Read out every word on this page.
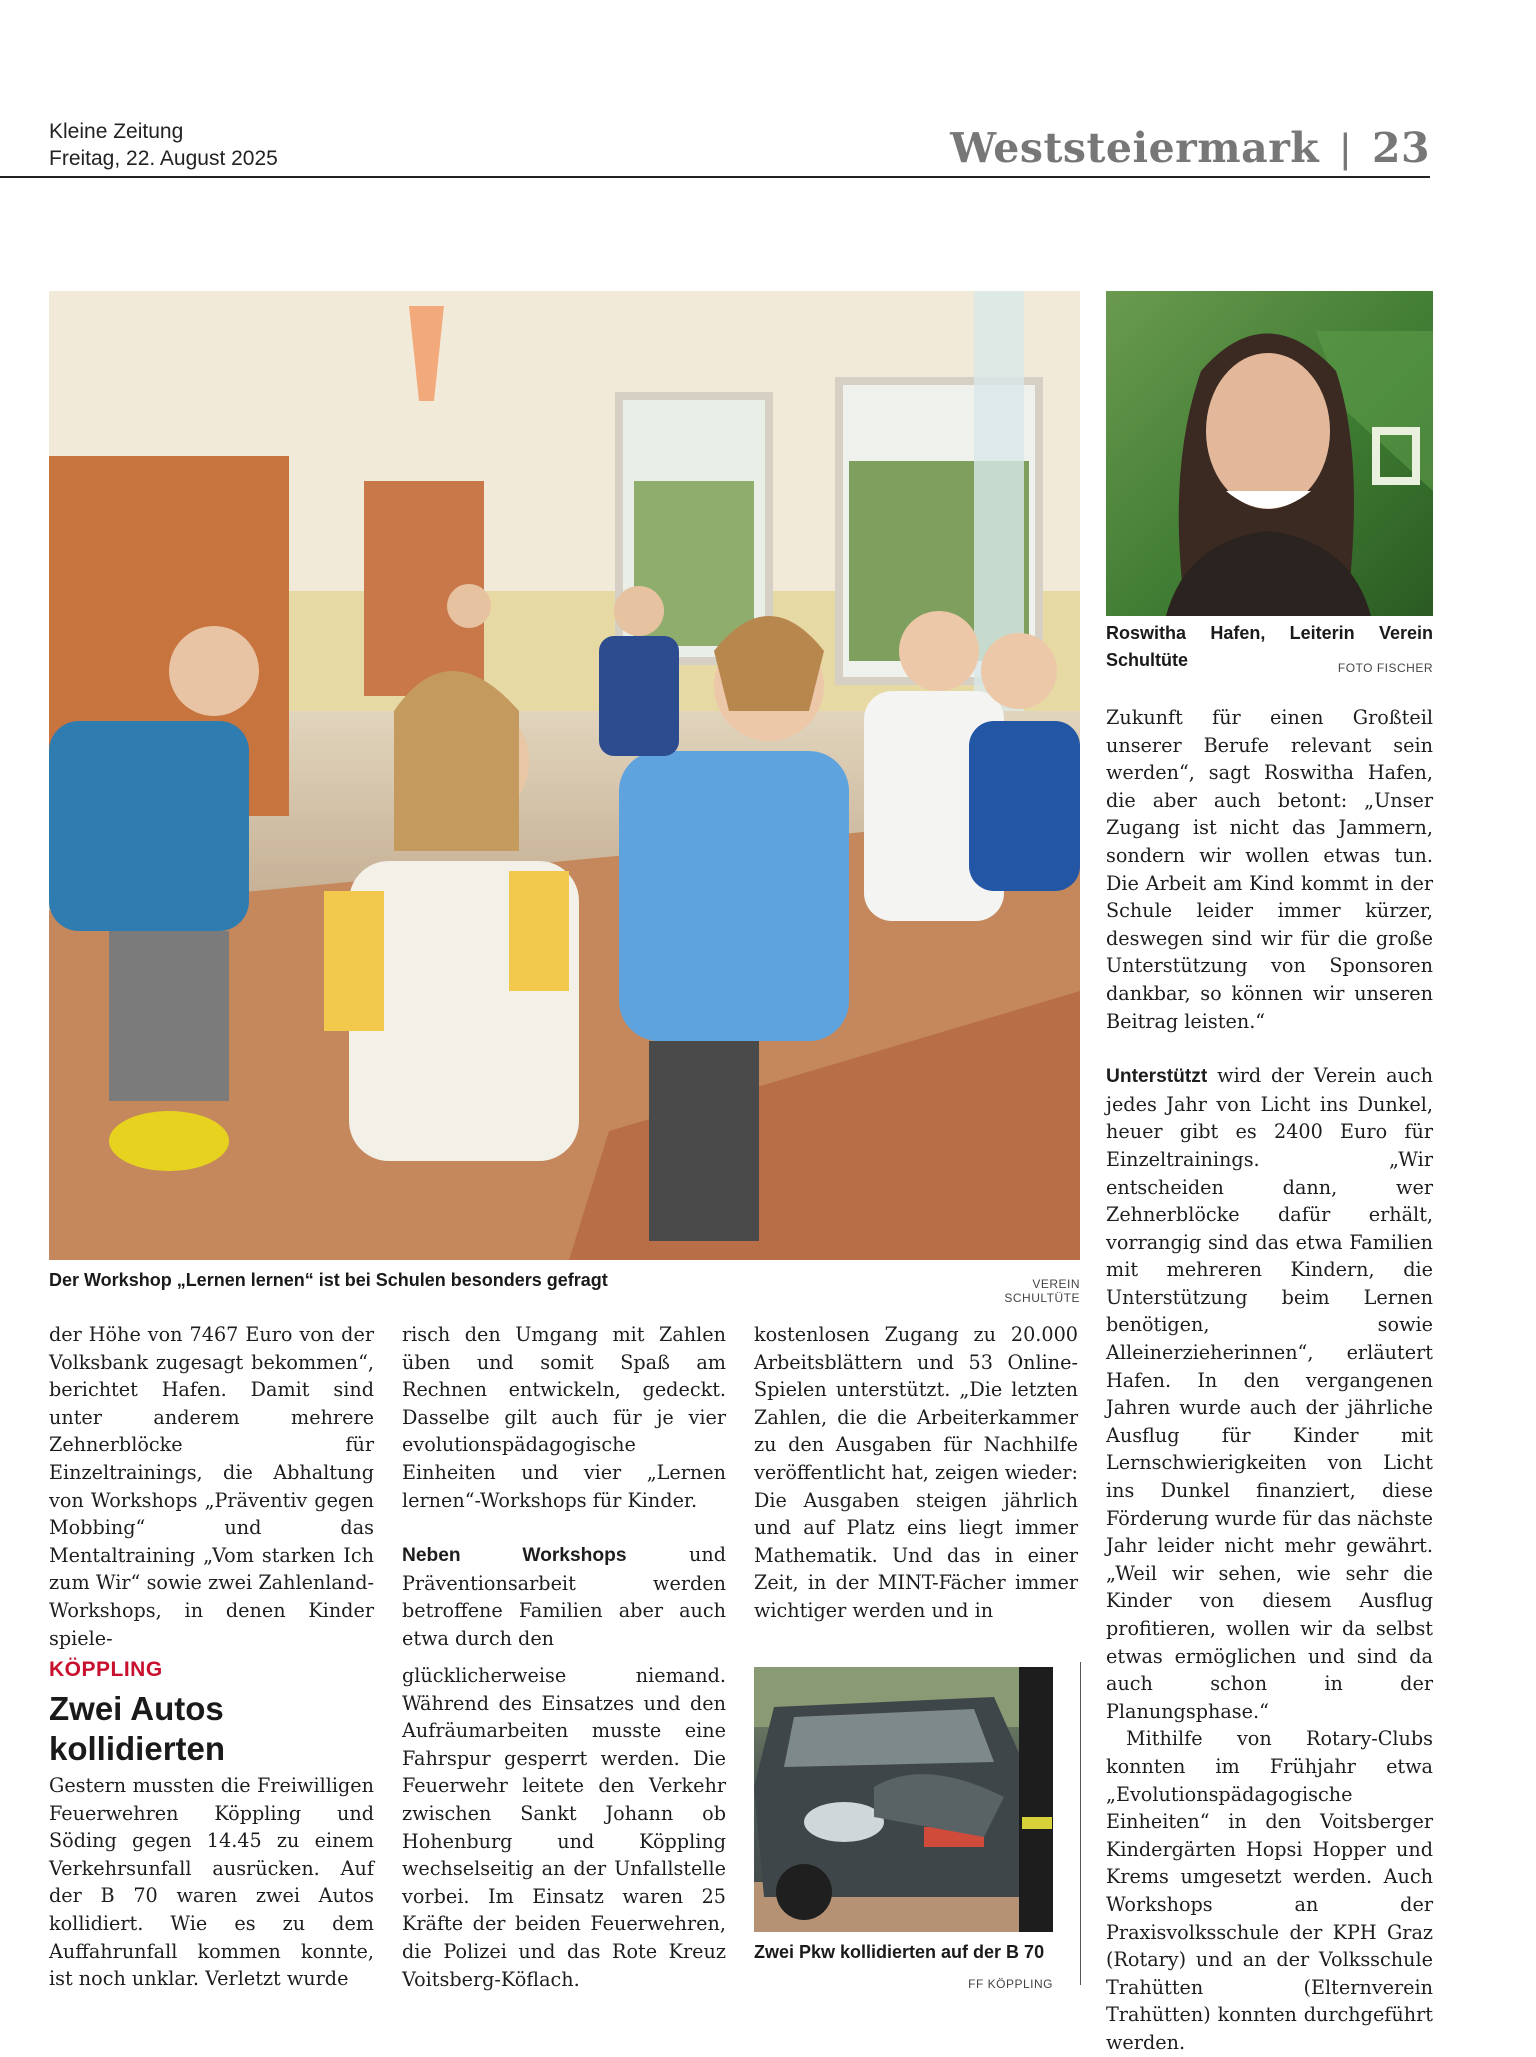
Kleine Zeitung
Freitag, 22. August 2025	Weststeiermark | 23
Der Workshop „Lernen lernen“ ist bei Schulen besonders gefragt	VEREIN SCHULTÜTE
Roswitha Hafen, Leiterin Verein Schultüte	FOTO FISCHER

der Höhe von 7467 Euro von der Volksbank zugesagt bekommen“, berichtet Hafen. Damit sind unter anderem mehrere Zehnerblöcke für Einzeltrainings, die Abhaltung von Workshops „Präventiv gegen Mobbing“ und das Mentaltraining „Vom starken Ich zum Wir“ sowie zwei Zahlenland-Workshops, in denen Kinder spiele-

risch den Umgang mit Zahlen üben und somit Spaß am Rechnen entwickeln, gedeckt. Dasselbe gilt auch für je vier evolutionspädagogische Einheiten und vier „Lernen lernen“-Workshops für Kinder.

Neben Workshops und Präventionsarbeit werden betroffene Familien aber auch etwa durch den

kostenlosen Zugang zu 20.000 Arbeitsblättern und 53 Online-Spielen unterstützt. „Die letzten Zahlen, die die Arbeiterkammer zu den Ausgaben für Nachhilfe veröffentlicht hat, zeigen wieder: Die Ausgaben steigen jährlich und auf Platz eins liegt immer Mathematik. Und das in einer Zeit, in der MINT-Fächer immer wichtiger werden und in

Zukunft für einen Großteil unserer Berufe relevant sein werden“, sagt Roswitha Hafen, die aber auch betont: „Unser Zugang ist nicht das Jammern, sondern wir wollen etwas tun. Die Arbeit am Kind kommt in der Schule leider immer kürzer, deswegen sind wir für die große Unterstützung von Sponsoren dankbar, so können wir unseren Beitrag leisten.“

Unterstützt wird der Verein auch jedes Jahr von Licht ins Dunkel, heuer gibt es 2400 Euro für Einzeltrainings. „Wir entscheiden dann, wer Zehnerblöcke dafür erhält, vorrangig sind das etwa Familien mit mehreren Kindern, die Unterstützung beim Lernen benötigen, sowie Alleinerzieherinnen“, erläutert Hafen. In den vergangenen Jahren wurde auch der jährliche Ausflug für Kinder mit Lernschwierigkeiten von Licht ins Dunkel finanziert, diese Förderung wurde für das nächste Jahr leider nicht mehr gewährt. „Weil wir sehen, wie sehr die Kinder von diesem Ausflug profitieren, wollen wir da selbst etwas ermöglichen und sind da auch schon in der Planungsphase.“

Mithilfe von Rotary-Clubs konnten im Frühjahr etwa „Evolutionspädagogische Einheiten“ in den Voitsberger Kindergärten Hopsi Hopper und Krems umgesetzt werden. Auch Workshops an der Praxisvolksschule der KPH Graz (Rotary) und an der Volksschule Trahütten (Elternverein Trahütten) konnten durchgeführt werden.

KÖPPLING
Zwei Autos kollidierten

Gestern mussten die Freiwilligen Feuerwehren Köppling und Söding gegen 14.45 zu einem Verkehrsunfall ausrücken. Auf der B 70 waren zwei Autos kollidiert. Wie es zu dem Auffahrunfall kommen konnte, ist noch unklar. Verletzt wurde

glücklicherweise niemand. Während des Einsatzes und den Aufräumarbeiten musste eine Fahrspur gesperrt werden. Die Feuerwehr leitete den Verkehr zwischen Sankt Johann ob Hohenburg und Köppling wechselseitig an der Unfallstelle vorbei. Im Einsatz waren 25 Kräfte der beiden Feuerwehren, die Polizei und das Rote Kreuz Voitsberg-Köflach.

Zwei Pkw kollidierten auf der B 70
FF KÖPPLING
